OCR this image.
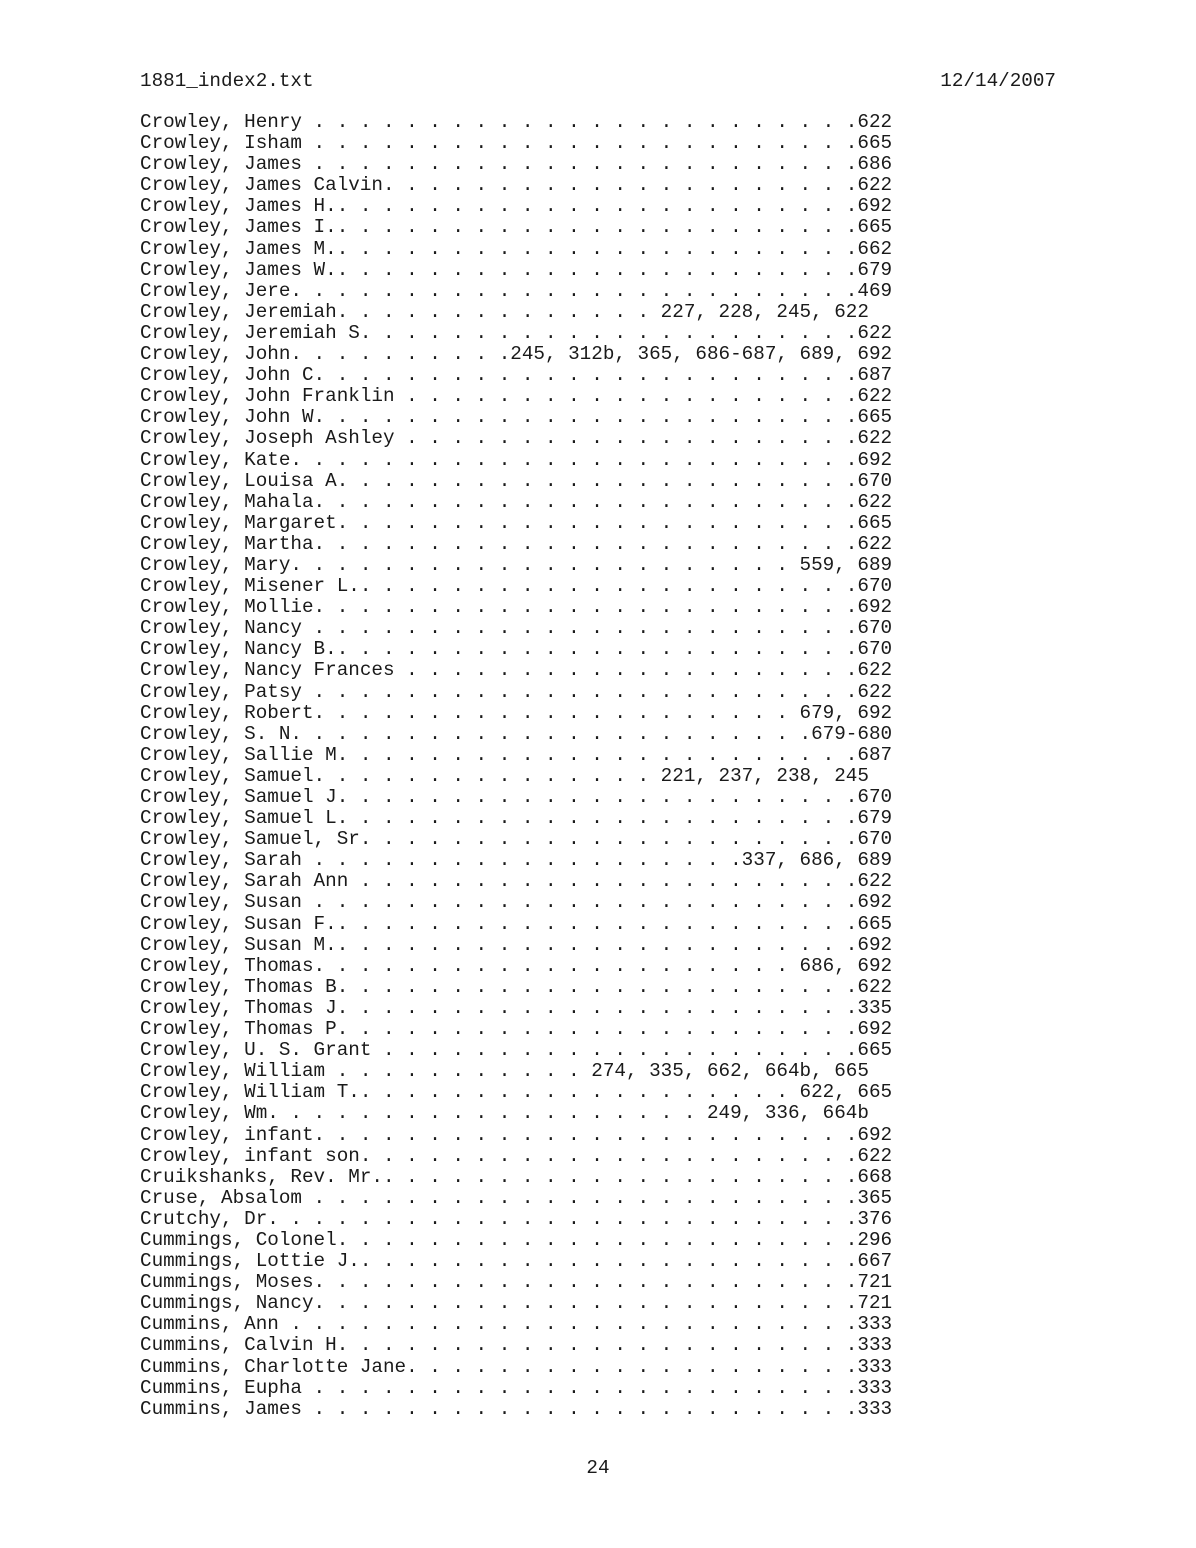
1881_index2.txt	12/14/2007
Crowley, Henry . . . . . . . . . . . . . . . . . . . . . . . .622
Crowley, Isham . . . . . . . . . . . . . . . . . . . . . . . .665
Crowley, James . . . . . . . . . . . . . . . . . . . . . . . .686
Crowley, James Calvin. . . . . . . . . . . . . . . . . . . . .622
Crowley, James H.. . . . . . . . . . . . . . . . . . . . . . .692
Crowley, James I.. . . . . . . . . . . . . . . . . . . . . . .665
Crowley, James M.. . . . . . . . . . . . . . . . . . . . . . .662
Crowley, James W.. . . . . . . . . . . . . . . . . . . . . . .679
Crowley, Jere. . . . . . . . . . . . . . . . . . . . . . . . .469
Crowley, Jeremiah. . . . . . . . . . . . . . 227, 228, 245, 622
Crowley, Jeremiah S. . . . . . . . . . . . . . . . . . . . . .622
Crowley, John. . . . . . . . . .245, 312b, 365, 686-687, 689, 692
Crowley, John C. . . . . . . . . . . . . . . . . . . . . . . .687
Crowley, John Franklin . . . . . . . . . . . . . . . . . . . .622
Crowley, John W. . . . . . . . . . . . . . . . . . . . . . . .665
Crowley, Joseph Ashley . . . . . . . . . . . . . . . . . . . .622
Crowley, Kate. . . . . . . . . . . . . . . . . . . . . . . . .692
Crowley, Louisa A. . . . . . . . . . . . . . . . . . . . . . .670
Crowley, Mahala. . . . . . . . . . . . . . . . . . . . . . . .622
Crowley, Margaret. . . . . . . . . . . . . . . . . . . . . . .665
Crowley, Martha. . . . . . . . . . . . . . . . . . . . . . . .622
Crowley, Mary. . . . . . . . . . . . . . . . . . . . . . 559, 689
Crowley, Misener L.. . . . . . . . . . . . . . . . . . . . . .670
Crowley, Mollie. . . . . . . . . . . . . . . . . . . . . . . .692
Crowley, Nancy . . . . . . . . . . . . . . . . . . . . . . . .670
Crowley, Nancy B.. . . . . . . . . . . . . . . . . . . . . . .670
Crowley, Nancy Frances . . . . . . . . . . . . . . . . . . . .622
Crowley, Patsy . . . . . . . . . . . . . . . . . . . . . . . .622
Crowley, Robert. . . . . . . . . . . . . . . . . . . . . 679, 692
Crowley, S. N. . . . . . . . . . . . . . . . . . . . . . .679-680
Crowley, Sallie M. . . . . . . . . . . . . . . . . . . . . . .687
Crowley, Samuel. . . . . . . . . . . . . . . 221, 237, 238, 245
Crowley, Samuel J. . . . . . . . . . . . . . . . . . . . . . .670
Crowley, Samuel L. . . . . . . . . . . . . . . . . . . . . . .679
Crowley, Samuel, Sr. . . . . . . . . . . . . . . . . . . . . .670
Crowley, Sarah . . . . . . . . . . . . . . . . . . .337, 686, 689
Crowley, Sarah Ann . . . . . . . . . . . . . . . . . . . . . .622
Crowley, Susan . . . . . . . . . . . . . . . . . . . . . . . .692
Crowley, Susan F.. . . . . . . . . . . . . . . . . . . . . . .665
Crowley, Susan M.. . . . . . . . . . . . . . . . . . . . . . .692
Crowley, Thomas. . . . . . . . . . . . . . . . . . . . . 686, 692
Crowley, Thomas B. . . . . . . . . . . . . . . . . . . . . . .622
Crowley, Thomas J. . . . . . . . . . . . . . . . . . . . . . .335
Crowley, Thomas P. . . . . . . . . . . . . . . . . . . . . . .692
Crowley, U. S. Grant . . . . . . . . . . . . . . . . . . . . .665
Crowley, William . . . . . . . . . . . 274, 335, 662, 664b, 665
Crowley, William T.. . . . . . . . . . . . . . . . . . . 622, 665
Crowley, Wm. . . . . . . . . . . . . . . . . . . 249, 336, 664b
Crowley, infant. . . . . . . . . . . . . . . . . . . . . . . .692
Crowley, infant son. . . . . . . . . . . . . . . . . . . . . .622
Cruikshanks, Rev. Mr.. . . . . . . . . . . . . . . . . . . . .668
Cruse, Absalom . . . . . . . . . . . . . . . . . . . . . . . .365
Crutchy, Dr. . . . . . . . . . . . . . . . . . . . . . . . . .376
Cummings, Colonel. . . . . . . . . . . . . . . . . . . . . . .296
Cummings, Lottie J.. . . . . . . . . . . . . . . . . . . . . .667
Cummings, Moses. . . . . . . . . . . . . . . . . . . . . . . .721
Cummings, Nancy. . . . . . . . . . . . . . . . . . . . . . . .721
Cummins, Ann . . . . . . . . . . . . . . . . . . . . . . . . .333
Cummins, Calvin H. . . . . . . . . . . . . . . . . . . . . . .333
Cummins, Charlotte Jane. . . . . . . . . . . . . . . . . . . .333
Cummins, Eupha . . . . . . . . . . . . . . . . . . . . . . . .333
Cummins, James . . . . . . . . . . . . . . . . . . . . . . . .333
24
